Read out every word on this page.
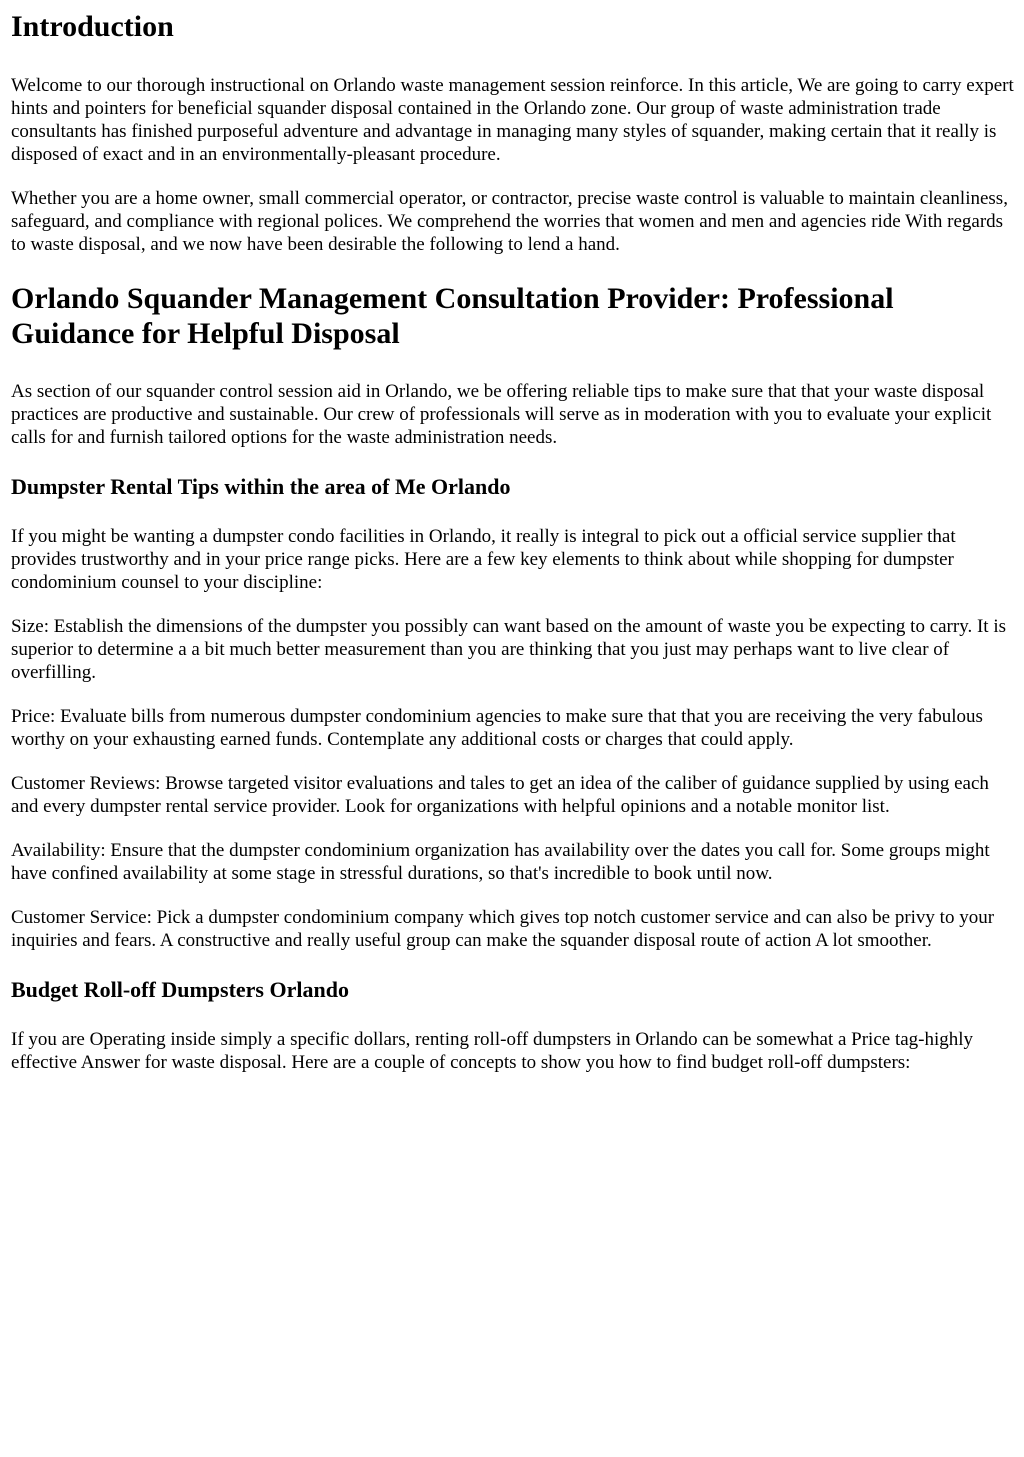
Introduction

Welcome to our thorough instructional on Orlando waste management session reinforce. In this article, We are going to carry expert hints and pointers for beneficial squander disposal contained in the Orlando zone. Our group of waste administration trade consultants has finished purposeful adventure and advantage in managing many styles of squander, making certain that it really is disposed of exact and in an environmentally-pleasant procedure.

Whether you are a home owner, small commercial operator, or contractor, precise waste control is valuable to maintain cleanliness, safeguard, and compliance with regional polices. We comprehend the worries that women and men and agencies ride With regards to waste disposal, and we now have been desirable the following to lend a hand.

Orlando Squander Management Consultation Provider: Professional Guidance for Helpful Disposal

As section of our squander control session aid in Orlando, we be offering reliable tips to make sure that that your waste disposal practices are productive and sustainable. Our crew of professionals will serve as in moderation with you to evaluate your explicit calls for and furnish tailored options for the waste administration needs.

Dumpster Rental Tips within the area of Me Orlando

If you might be wanting a dumpster condo facilities in Orlando, it really is integral to pick out a official service supplier that provides trustworthy and in your price range picks. Here are a few key elements to think about while shopping for dumpster condominium counsel to your discipline:

Size: Establish the dimensions of the dumpster you possibly can want based on the amount of waste you be expecting to carry. It is superior to determine a a bit much better measurement than you are thinking that you just may perhaps want to live clear of overfilling.

Price: Evaluate bills from numerous dumpster condominium agencies to make sure that that you are receiving the very fabulous worthy on your exhausting earned funds. Contemplate any additional costs or charges that could apply.

Customer Reviews: Browse targeted visitor evaluations and tales to get an idea of the caliber of guidance supplied by using each and every dumpster rental service provider. Look for organizations with helpful opinions and a notable monitor list.

Availability: Ensure that the dumpster condominium organization has availability over the dates you call for. Some groups might have confined availability at some stage in stressful durations, so that's incredible to book until now.

Customer Service: Pick a dumpster condominium company which gives top notch customer service and can also be privy to your inquiries and fears. A constructive and really useful group can make the squander disposal route of action A lot smoother.

Budget Roll-off Dumpsters Orlando

If you are Operating inside simply a specific dollars, renting roll-off dumpsters in Orlando can be somewhat a Price tag-highly effective Answer for waste disposal. Here are a couple of concepts to show you how to find budget roll-off dumpsters:
